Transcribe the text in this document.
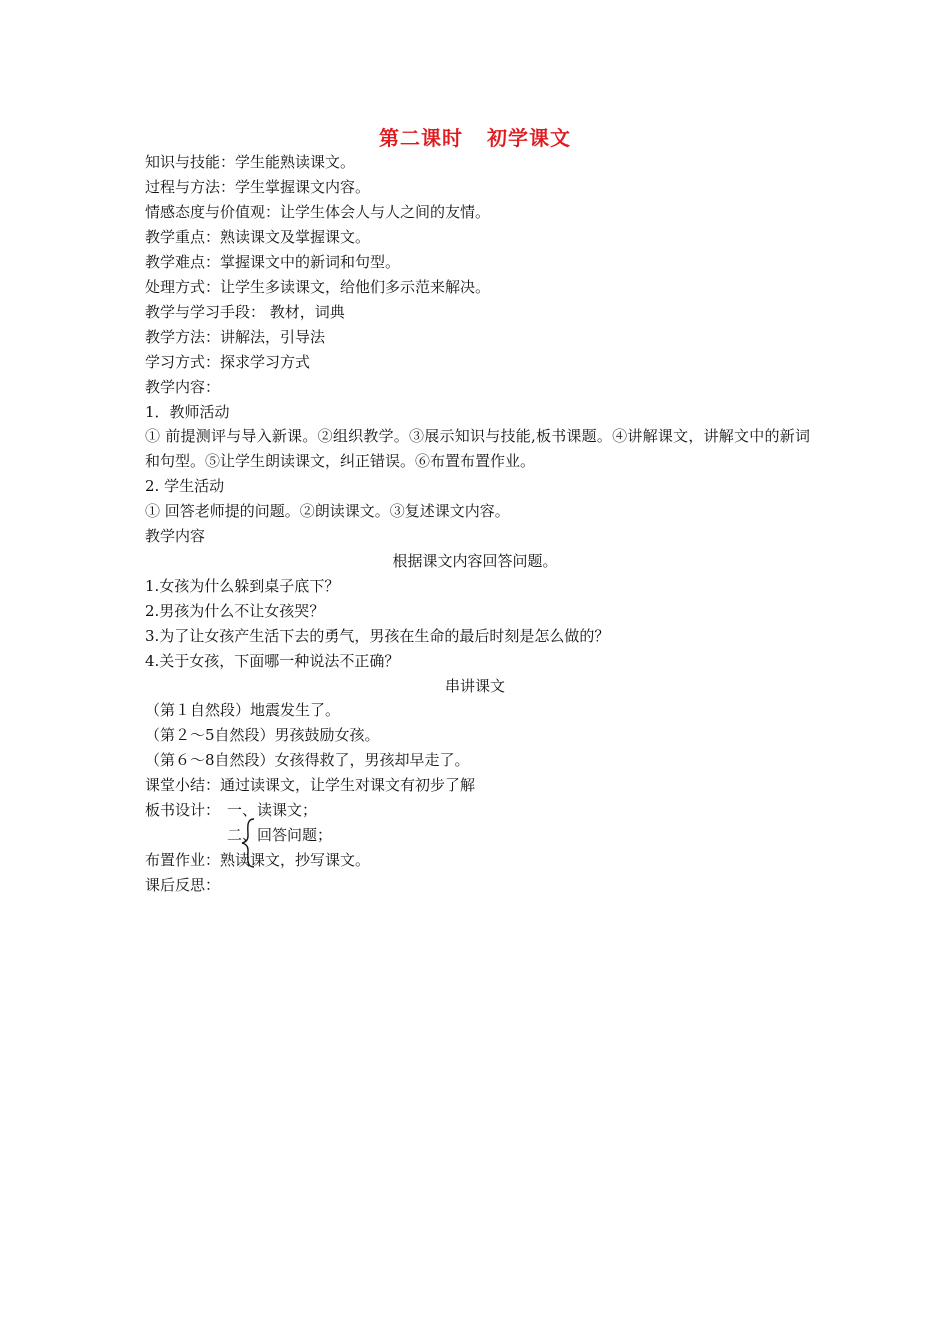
第二课时 初学课文
知识与技能：学生能熟读课文。
过程与方法：学生掌握课文内容。
情感态度与价值观：让学生体会人与人之间的友情。
教学重点：熟读课文及掌握课文。
教学难点：掌握课文中的新词和句型。
处理方式：让学生多读课文，给他们多示范来解决。
教学与学习手段： 教材，词典
教学方法：讲解法，引导法
学习方式：探求学习方式
教学内容：
1．教师活动
① 前提测评与导入新课。②组织教学。③展示知识与技能,板书课题。④讲解课文，讲解文中的新词和句型。⑤让学生朗读课文，纠正错误。⑥布置布置作业。
2. 学生活动
① 回答老师提的问题。②朗读课文。③复述课文内容。
教学内容
根据课文内容回答问题。
1.女孩为什么躲到桌子底下？
2.男孩为什么不让女孩哭？
3.为了让女孩产生活下去的勇气，男孩在生命的最后时刻是怎么做的？
4.关于女孩，下面哪一种说法不正确？
串讲课文
（第１自然段）地震发生了。
（第２～5自然段）男孩鼓励女孩。
（第６～8自然段）女孩得救了，男孩却早走了。
课堂小结：通过读课文，让学生对课文有初步了解
板书设计： 一、读课文；
二、回答问题；
布置作业：熟读课文，抄写课文。
课后反思：
